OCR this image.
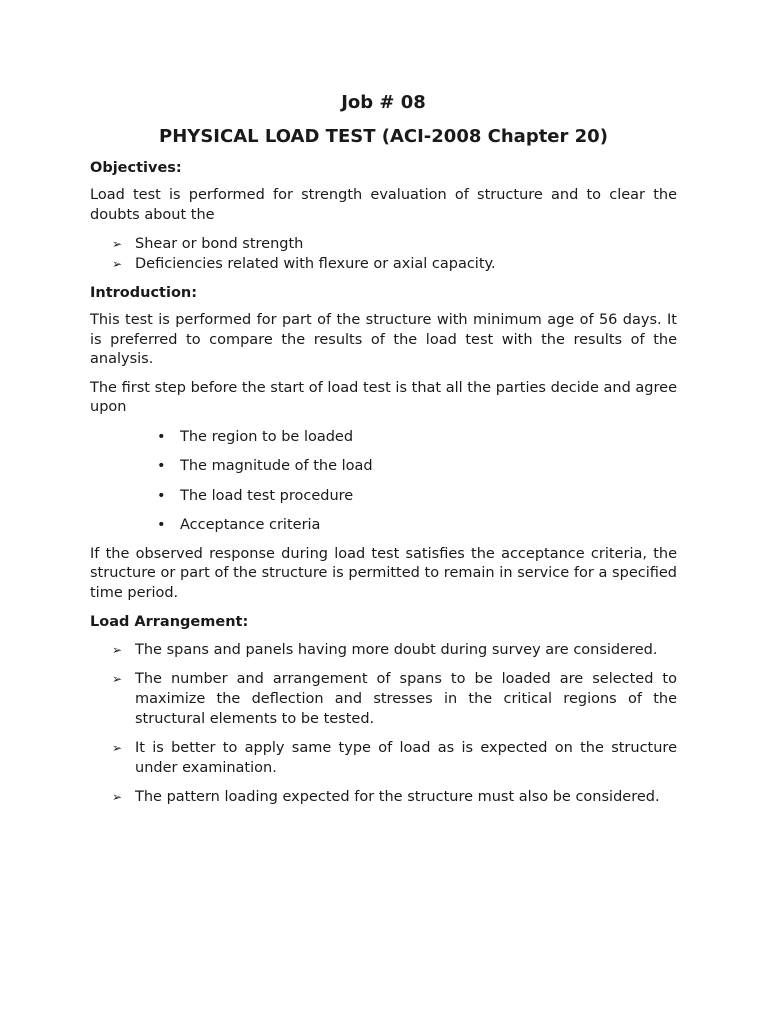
Job # 08
PHYSICAL LOAD TEST (ACI-2008 Chapter 20)
Objectives:

Load test is performed for strength evaluation of structure and to clear the doubts about the

➢ Shear or bond strength
➢ Deficiencies related with flexure or axial capacity.
Introduction:

This test is performed for part of the structure with minimum age of 56 days. It is preferred to compare the results of the load test with the results of the analysis.

The first step before the start of load test is that all the parties decide and agree upon

• The region to be loaded
• The magnitude of the load
• The load test procedure
• Acceptance criteria

If the observed response during load test satisfies the acceptance criteria, the structure or part of the structure is permitted to remain in service for a specified time period.

Load Arrangement:
➢ The spans and panels having more doubt during survey are considered.
➢ The number and arrangement of spans to be loaded are selected to maximize the deflection and stresses in the critical regions of the structural elements to be tested.
➢ It is better to apply same type of load as is expected on the structure under examination.
➢ The pattern loading expected for the structure must also be considered.
